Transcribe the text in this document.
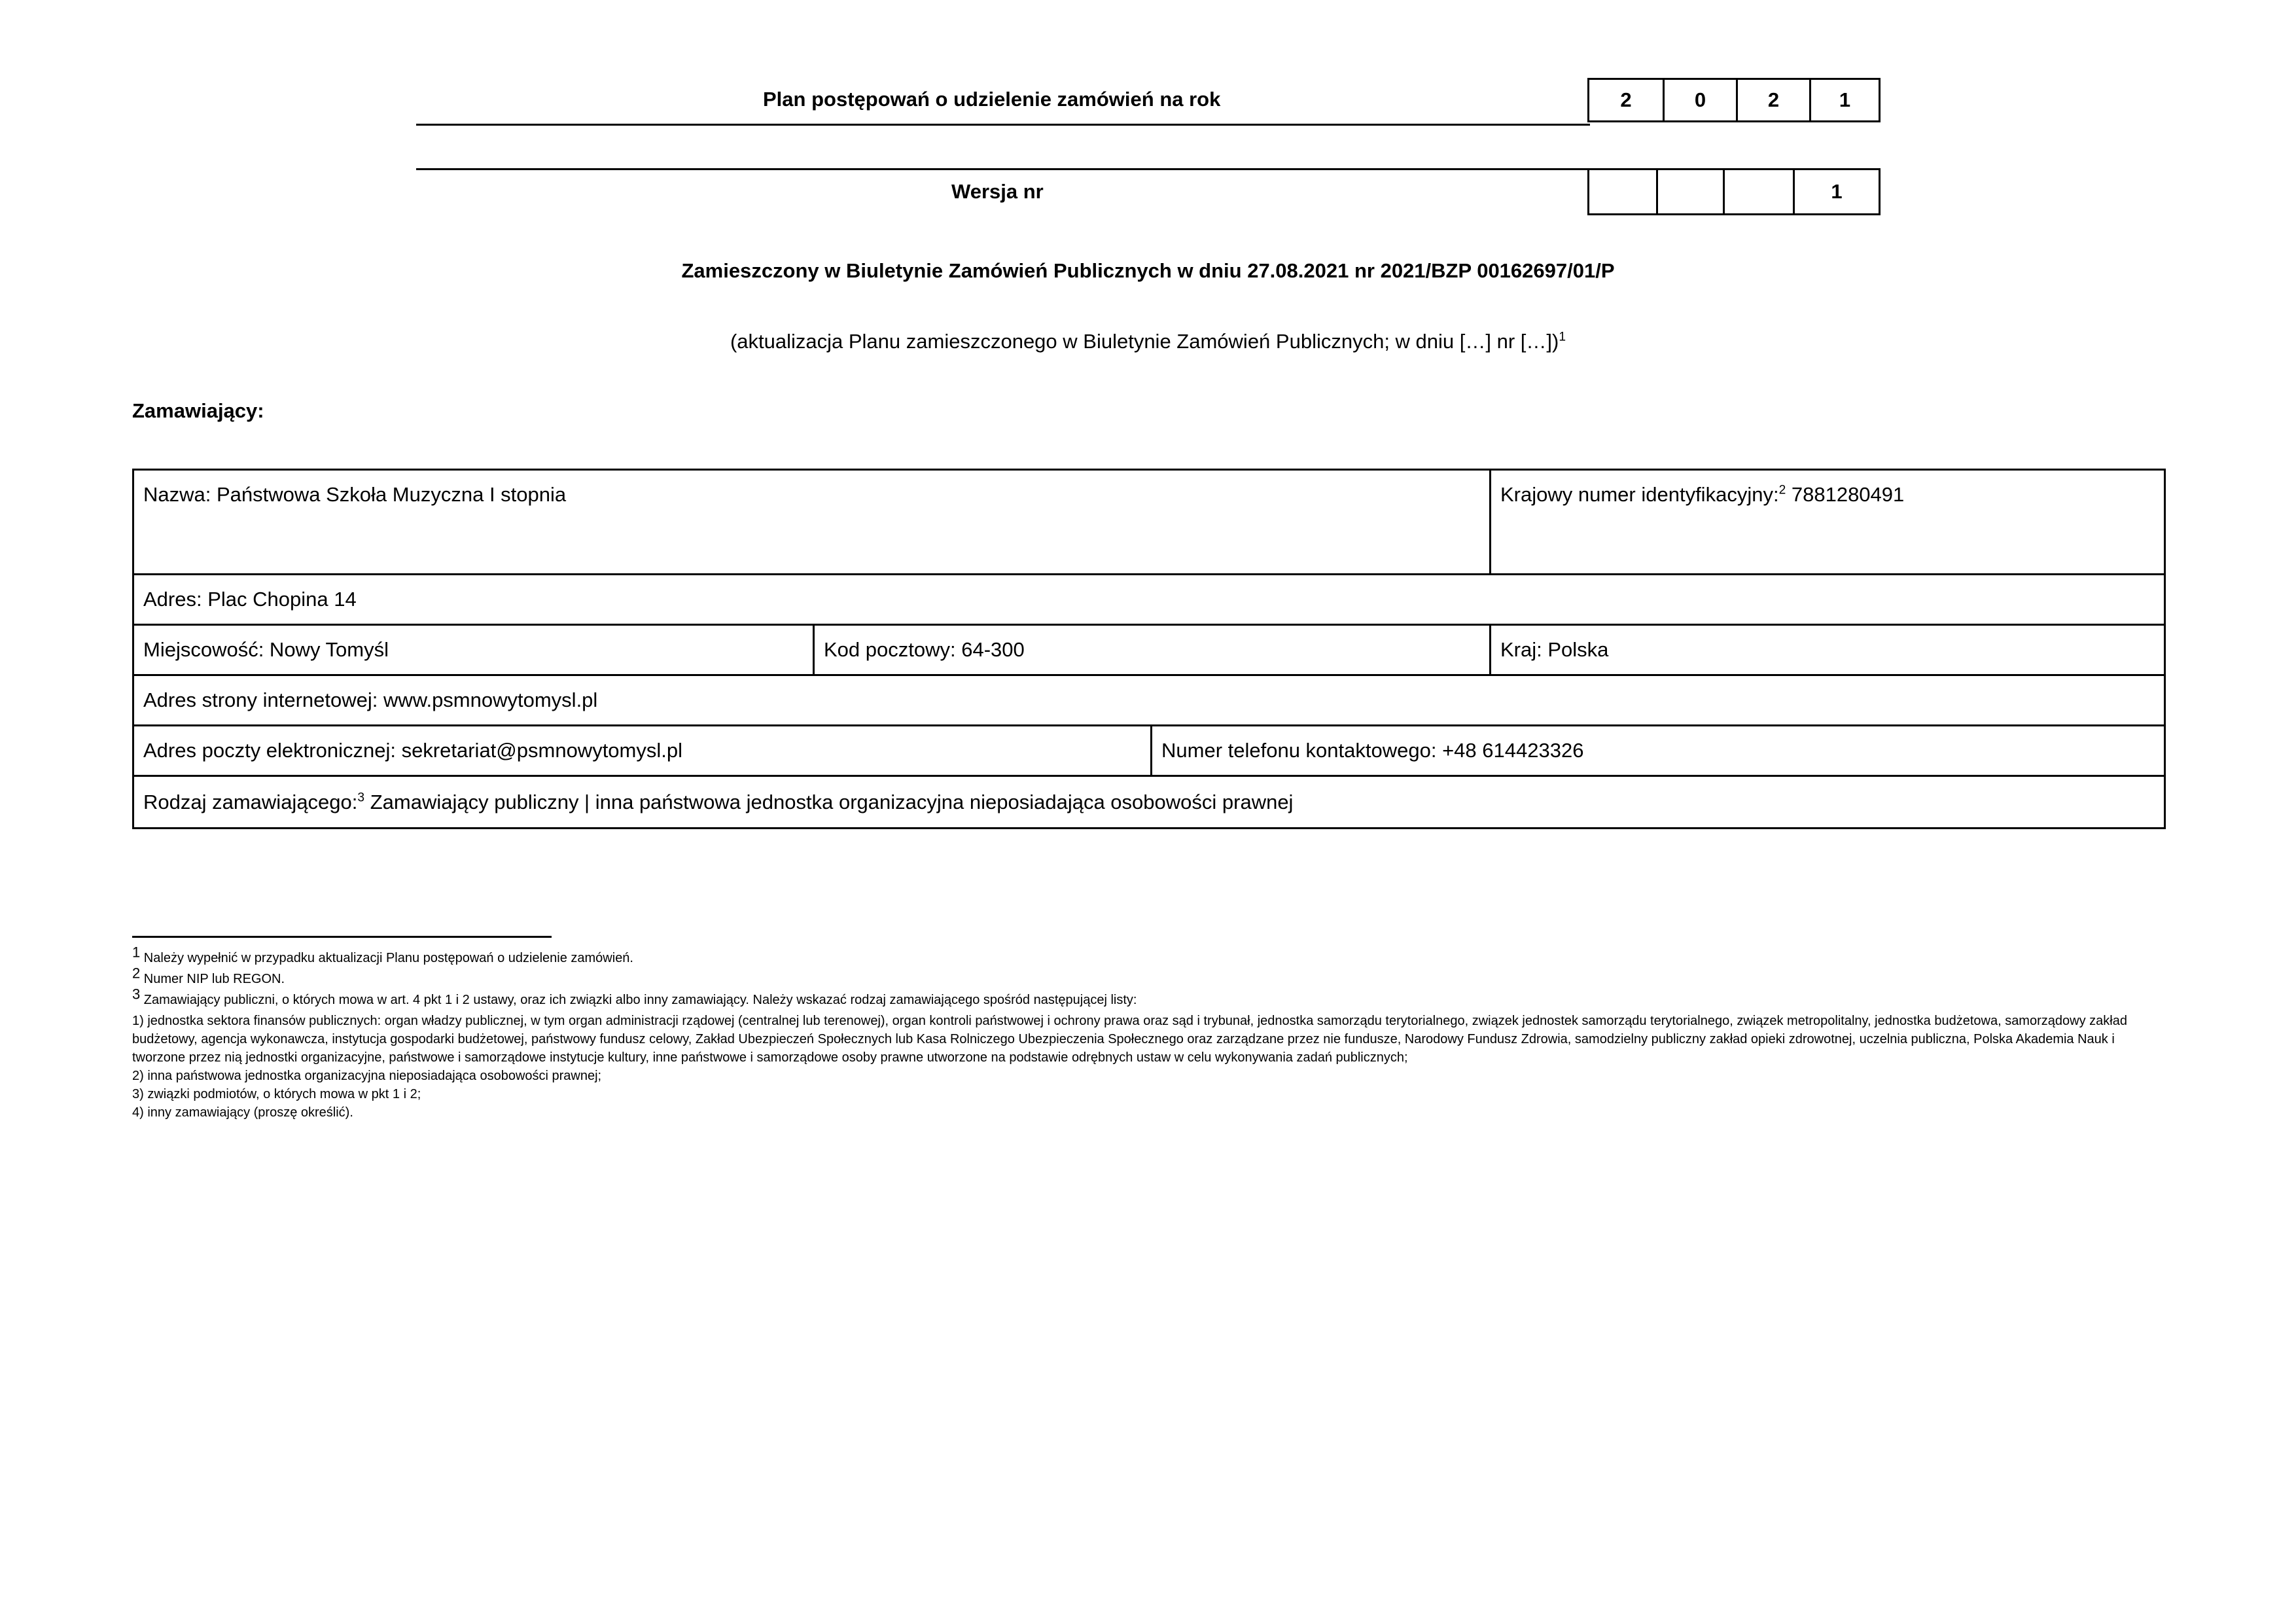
Plan postępowań o udzielenie zamówień na rok	2	0	2	1
Wersja nr	1
Zamieszczony w Biuletynie Zamówień Publicznych w dniu 27.08.2021 nr 2021/BZP 00162697/01/P
(aktualizacja Planu zamieszczonego w Biuletynie Zamówień Publicznych; w dniu […] nr […])$^1$
Zamawiający:
Nazwa: Państwowa Szkoła Muzyczna I stopnia	Krajowy numer identyfikacyjny:$^2$ 7881280491
Adres: Plac Chopina 14
Miejscowość: Nowy Tomyśl	Kod pocztowy: 64-300	Kraj: Polska
Adres strony internetowej: www.psmnowytomysl.pl
Adres poczty elektronicznej: sekretariat@psmnowytomysl.pl	Numer telefonu kontaktowego: +48 614423326
Rodzaj zamawiającego:$^3$ Zamawiający publiczny | inna państwowa jednostka organizacyjna nieposiadająca osobowości prawnej

$^1$ Należy wypełnić w przypadku aktualizacji Planu postępowań o udzielenie zamówień.

$^2$ Numer NIP lub REGON.

$^3$ Zamawiający publiczni, o których mowa w art. 4 pkt 1 i 2 ustawy, oraz ich związki albo inny zamawiający. Należy wskazać rodzaj zamawiającego spośród następującej listy:

1) jednostka sektora finansów publicznych: organ władzy publicznej, w tym organ administracji rządowej (centralnej lub terenowej), organ kontroli państwowej i ochrony prawa oraz sąd i trybunał, jednostka samorządu terytorialnego, związek jednostek samorządu terytorialnego, związek metropolitalny, jednostka budżetowa, samorządowy zakład budżetowy, agencja wykonawcza, instytucja gospodarki budżetowej, państwowy fundusz celowy, Zakład Ubezpieczeń Społecznych lub Kasa Rolniczego Ubezpieczenia Społecznego oraz zarządzane przez nie fundusze, Narodowy Fundusz Zdrowia, samodzielny publiczny zakład opieki zdrowotnej, uczelnia publiczna, Polska Akademia Nauk i tworzone przez nią jednostki organizacyjne, państwowe i samorządowe instytucje kultury, inne państwowe i samorządowe osoby prawne utworzone na podstawie odrębnych ustaw w celu wykonywania zadań publicznych;

2) inna państwowa jednostka organizacyjna nieposiadająca osobowości prawnej;

3) związki podmiotów, o których mowa w pkt 1 i 2;

4) inny zamawiający (proszę określić).
